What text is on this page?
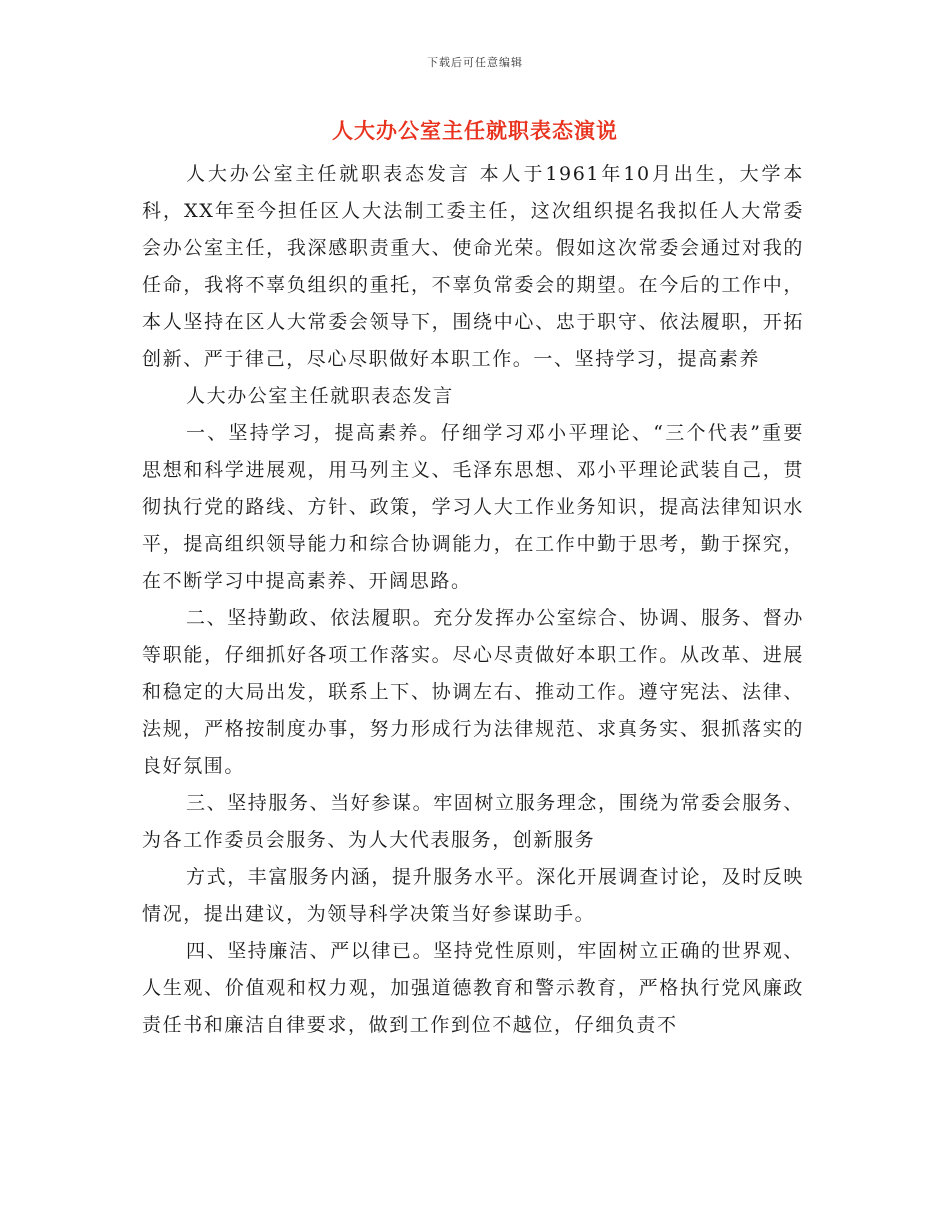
下载后可任意编辑
人大办公室主任就职表态演说

人大办公室主任就职表态发言 本人于1961年10月出生，大学本科，XX年至今担任区人大法制工委主任，这次组织提名我拟任人大常委会办公室主任，我深感职责重大、使命光荣。假如这次常委会通过对我的任命，我将不辜负组织的重托，不辜负常委会的期望。在今后的工作中，本人坚持在区人大常委会领导下，围绕中心、忠于职守、依法履职，开拓创新、严于律己，尽心尽职做好本职工作。一、坚持学习，提高素养

人大办公室主任就职表态发言

一、坚持学习，提高素养。仔细学习邓小平理论、“三个代表”重要思想和科学进展观，用马列主义、毛泽东思想、邓小平理论武装自己，贯彻执行党的路线、方针、政策，学习人大工作业务知识，提高法律知识水平，提高组织领导能力和综合协调能力，在工作中勤于思考，勤于探究，在不断学习中提高素养、开阔思路。

二、坚持勤政、依法履职。充分发挥办公室综合、协调、服务、督办等职能，仔细抓好各项工作落实。尽心尽责做好本职工作。从改革、进展和稳定的大局出发，联系上下、协调左右、推动工作。遵守宪法、法律、法规，严格按制度办事，努力形成行为法律规范、求真务实、狠抓落实的良好氛围。

三、坚持服务、当好参谋。牢固树立服务理念，围绕为常委会服务、为各工作委员会服务、为人大代表服务，创新服务

方式，丰富服务内涵，提升服务水平。深化开展调查讨论，及时反映情况，提出建议，为领导科学决策当好参谋助手。

四、坚持廉洁、严以律已。坚持党性原则，牢固树立正确的世界观、人生观、价值观和权力观，加强道德教育和警示教育，严格执行党风廉政责任书和廉洁自律要求，做到工作到位不越位，仔细负责不
